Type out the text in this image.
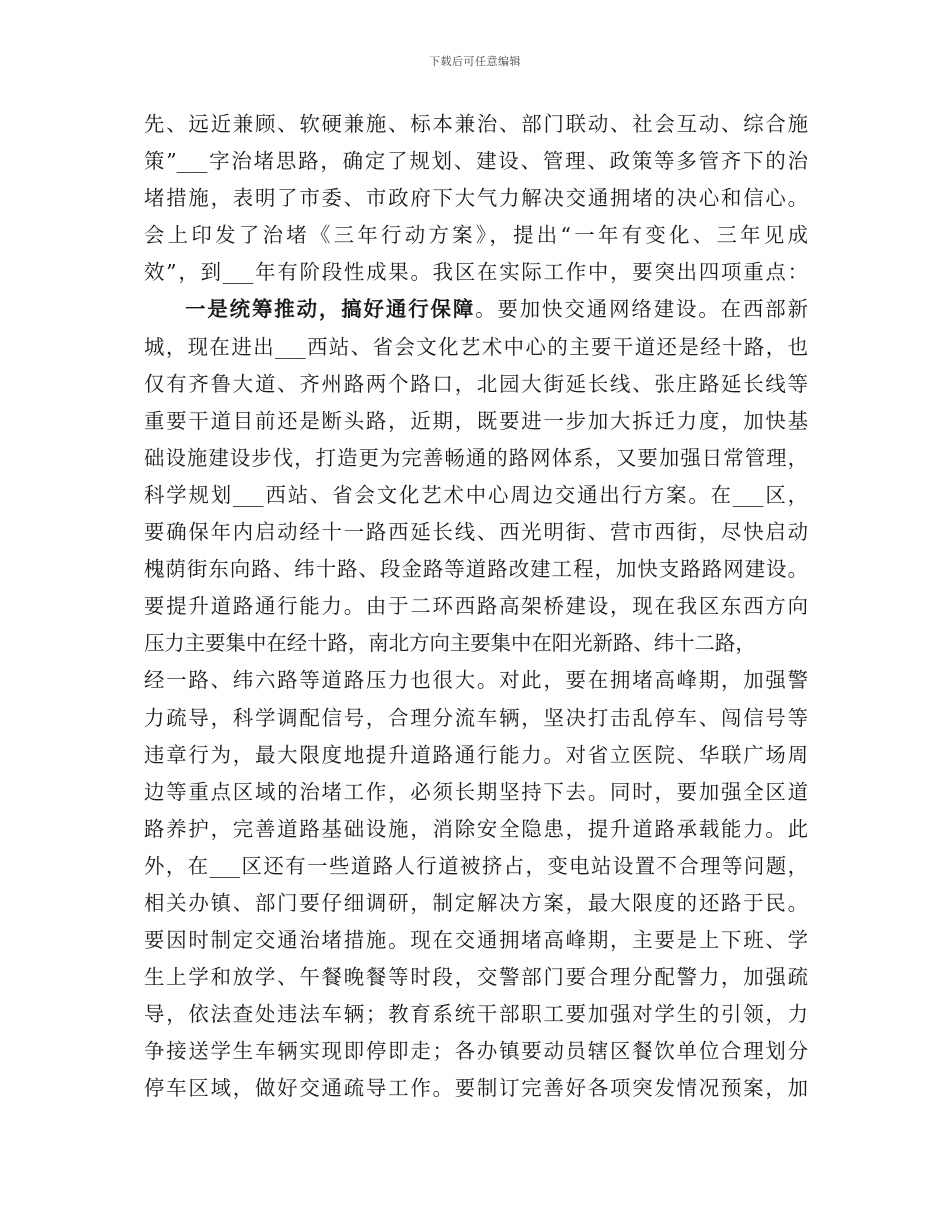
下载后可任意编辑
先、远近兼顾、软硬兼施、标本兼治、部门联动、社会互动、综合施
策”___字治堵思路，确定了规划、建设、管理、政策等多管齐下的治
堵措施，表明了市委、市政府下大气力解决交通拥堵的决心和信心。
会上印发了治堵《三年行动方案》，提出“一年有变化、三年见成
效”，到___年有阶段性成果。我区在实际工作中，要突出四项重点：
一是统筹推动，搞好通行保障。要加快交通网络建设。在西部新
城，现在进出___西站、省会文化艺术中心的主要干道还是经十路，也
仅有齐鲁大道、齐州路两个路口，北园大街延长线、张庄路延长线等
重要干道目前还是断头路，近期，既要进一步加大拆迁力度，加快基
础设施建设步伐，打造更为完善畅通的路网体系，又要加强日常管理，
科学规划___西站、省会文化艺术中心周边交通出行方案。在___区，
要确保年内启动经十一路西延长线、西光明街、营市西街，尽快启动
槐荫街东向路、纬十路、段金路等道路改建工程，加快支路路网建设。
要提升道路通行能力。由于二环西路高架桥建设，现在我区东西方向
压力主要集中在经十路，南北方向主要集中在阳光新路、纬十二路，
经一路、纬六路等道路压力也很大。对此，要在拥堵高峰期，加强警
力疏导，科学调配信号，合理分流车辆，坚决打击乱停车、闯信号等
违章行为，最大限度地提升道路通行能力。对省立医院、华联广场周
边等重点区域的治堵工作，必须长期坚持下去。同时，要加强全区道
路养护，完善道路基础设施，消除安全隐患，提升道路承载能力。此
外，在___区还有一些道路人行道被挤占，变电站设置不合理等问题，
相关办镇、部门要仔细调研，制定解决方案，最大限度的还路于民。
要因时制定交通治堵措施。现在交通拥堵高峰期，主要是上下班、学
生上学和放学、午餐晚餐等时段，交警部门要合理分配警力，加强疏
导，依法查处违法车辆；教育系统干部职工要加强对学生的引领，力
争接送学生车辆实现即停即走；各办镇要动员辖区餐饮单位合理划分
停车区域，做好交通疏导工作。要制订完善好各项突发情况预案，加
